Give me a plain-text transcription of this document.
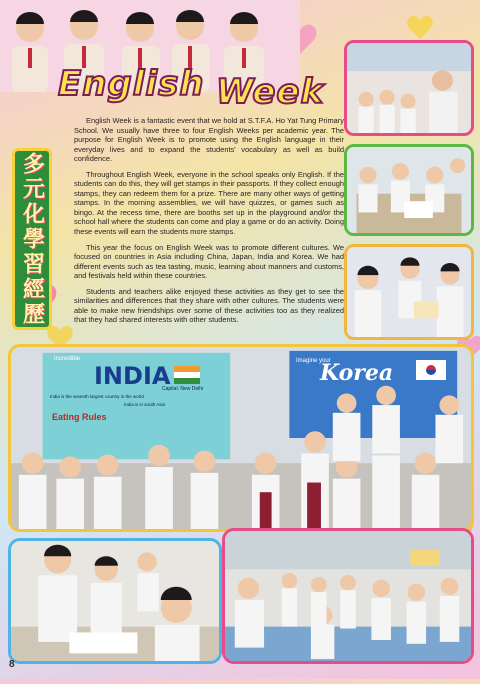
English Week
多元化學習經歷

English Week is a fantastic event that we hold at S.T.F.A. Ho Yat Tung Primary School. We usually have three to four English Weeks per academic year. The purpose for English Week is to promote using the English language in their everyday lives and to expand the students' vocabulary as well as build confidence.

Throughout English Week, everyone in the school speaks only English. If the students can do this, they will get stamps in their passports. If they collect enough stamps, they can redeem them for a prize. There are many other ways of getting stamps. In the morning assemblies, we will have quizzes, or games such as bingo. At the recess time, there are booths set up in the playground and/or the school hall where the students can come and play a game or do an activity. Doing these events will earn the students more stamps.

This year the focus on English Week was to promote different cultures. We focused on countries in Asia including China, Japan, India and Korea. We had different events such as tea tasting, music, learning about manners and customs, and festivals held within these countries.

Students and teachers alike enjoyed these activities as they get to see the similarities and differences that they share with other cultures. The students were able to make new friendships over some of these activities too as they realized that they had shared interests with other students.

Incredible
INDIA
Capital: New Delhi
India is the seventh largest country in the world
India is in south Asia
Eating Rules
Imagine your
Korea
8
